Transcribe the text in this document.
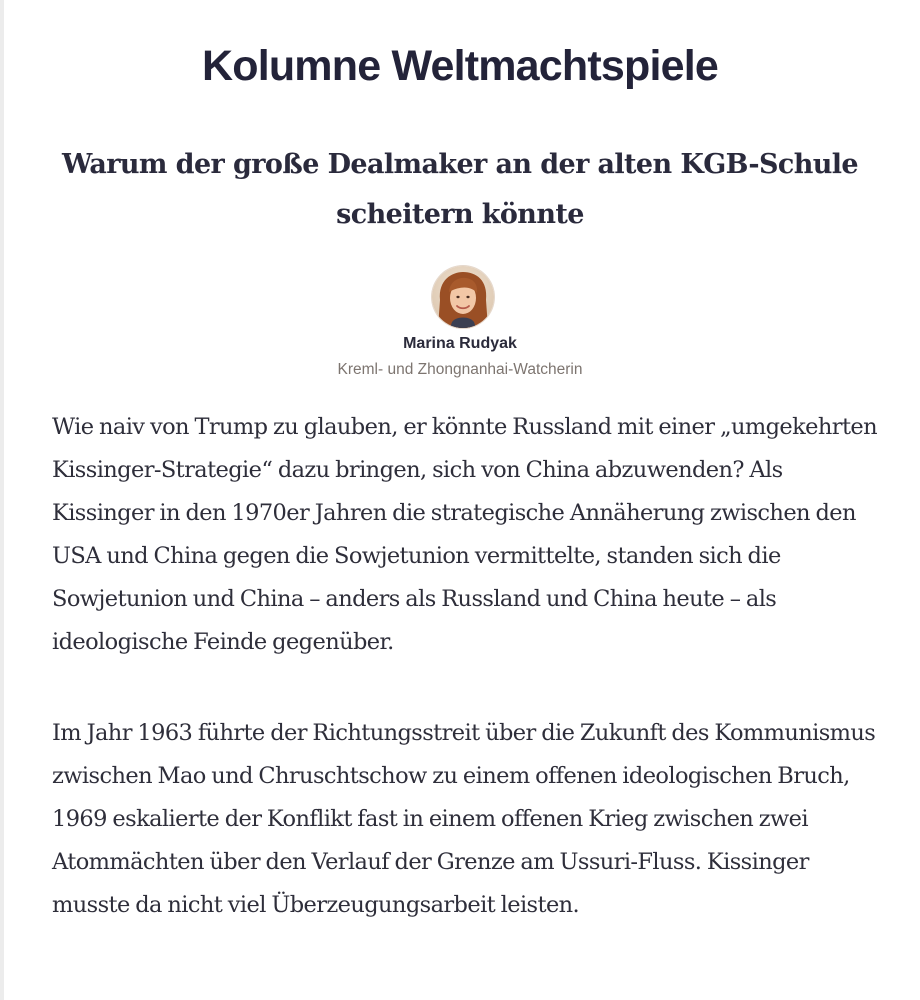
Kolumne Weltmachtspiele
Warum der große Dealmaker an der alten KGB-Schule scheitern könnte
Marina Rudyak
Kreml- und Zhongnanhai-Watcherin

Wie naiv von Trump zu glauben, er könnte Russland mit einer „umgekehrten Kissinger-Strategie“ dazu bringen, sich von China abzuwenden? Als Kissinger in den 1970er Jahren die strategische Annäherung zwischen den USA und China gegen die Sowjetunion vermittelte, standen sich die Sowjetunion und China – anders als Russland und China heute – als ideologische Feinde gegenüber.

Im Jahr 1963 führte der Richtungsstreit über die Zukunft des Kommunismus zwischen Mao und Chruschtschow zu einem offenen ideologischen Bruch, 1969 eskalierte der Konflikt fast in einem offenen Krieg zwischen zwei Atommächten über den Verlauf der Grenze am Ussuri-Fluss. Kissinger musste da nicht viel Überzeugungsarbeit leisten.
